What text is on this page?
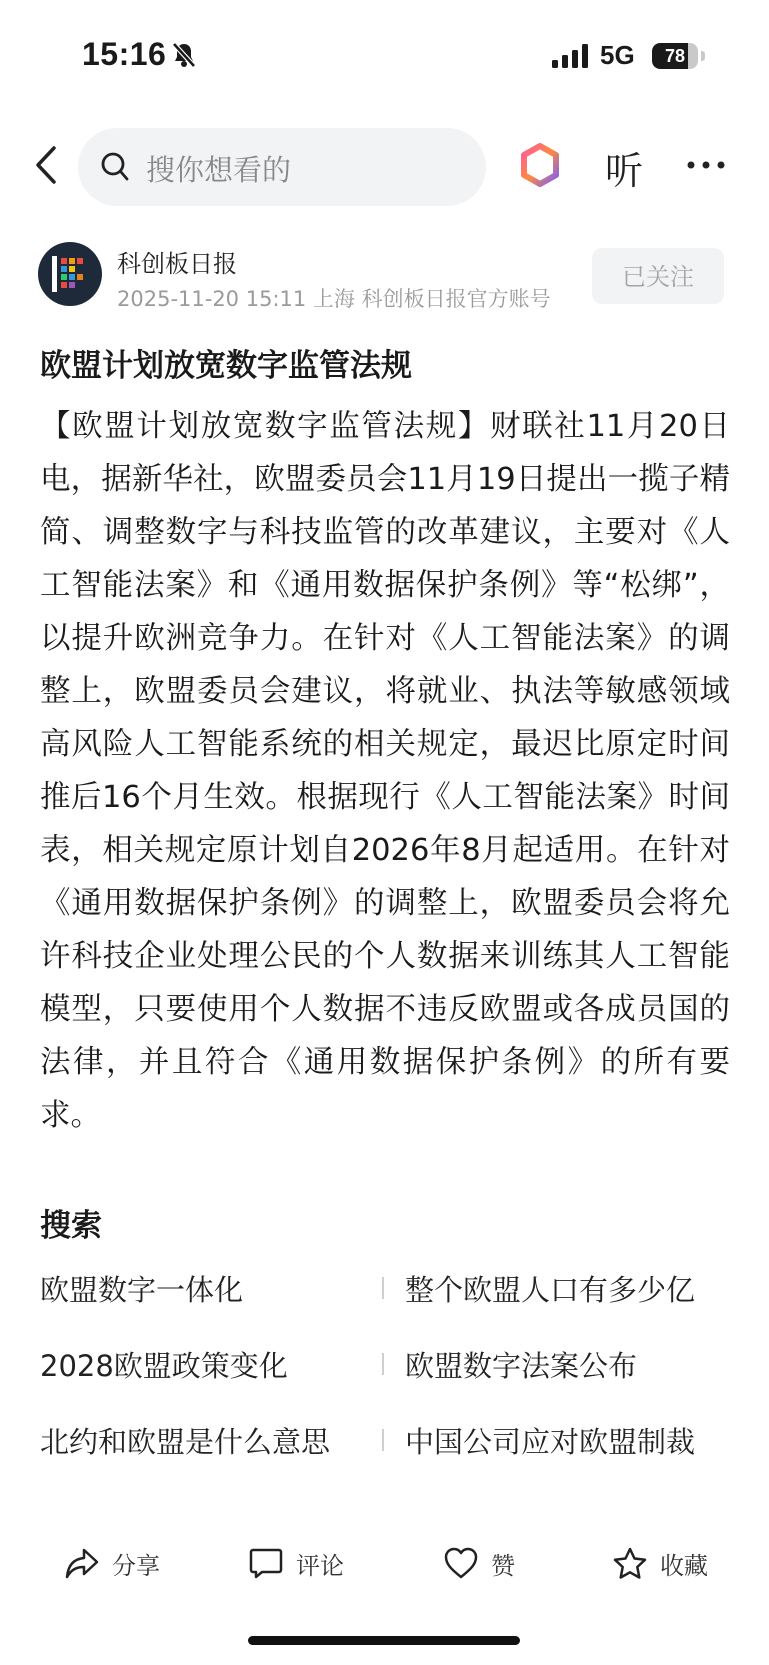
15:16	5G	78
搜你想看的	听
科创板日报
2025-11-20 15:11 上海 科创板日报官方账号
已关注
欧盟计划放宽数字监管法规

【欧盟计划放宽数字监管法规】财联社11月20日电，据新华社，欧盟委员会11月19日提出一揽子精简、调整数字与科技监管的改革建议，主要对《人工智能法案》和《通用数据保护条例》等“松绑”，以提升欧洲竞争力。在针对《人工智能法案》的调整上，欧盟委员会建议，将就业、执法等敏感领域高风险人工智能系统的相关规定，最迟比原定时间推后16个月生效。根据现行《人工智能法案》时间表，相关规定原计划自2026年8月起适用。在针对《通用数据保护条例》的调整上，欧盟委员会将允许科技企业处理公民的个人数据来训练其人工智能模型，只要使用个人数据不违反欧盟或各成员国的法律，并且符合《通用数据保护条例》的所有要求。

搜索
欧盟数字一体化	整个欧盟人口有多少亿
2028欧盟政策变化	欧盟数字法案公布
北约和欧盟是什么意思	中国公司应对欧盟制裁
分享	评论	赞	收藏
